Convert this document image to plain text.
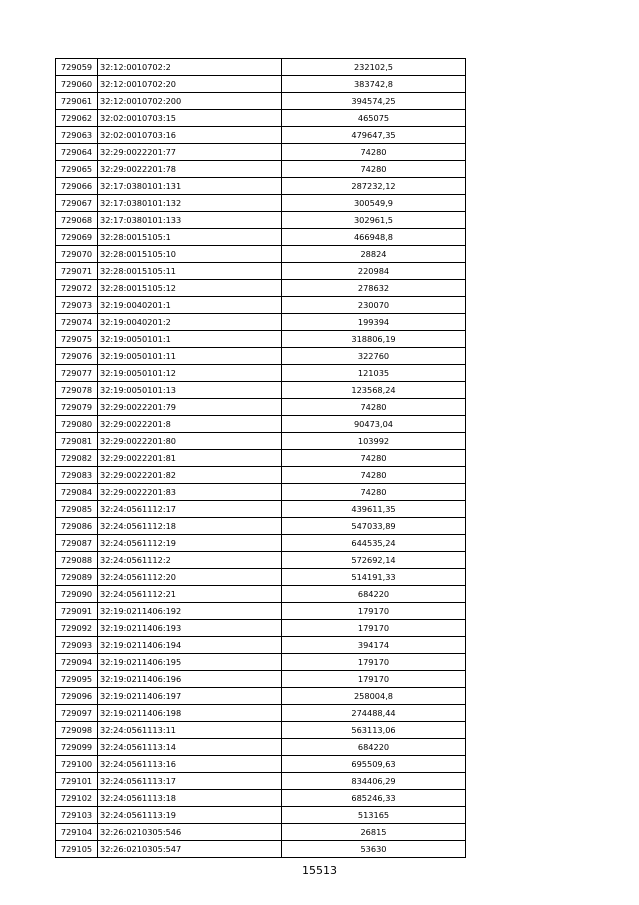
729059	32:12:0010702:2	232102,5
729060	32:12:0010702:20	383742,8
729061	32:12:0010702:200	394574,25
729062	32:02:0010703:15	465075
729063	32:02:0010703:16	479647,35
729064	32:29:0022201:77	74280
729065	32:29:0022201:78	74280
729066	32:17:0380101:131	287232,12
729067	32:17:0380101:132	300549,9
729068	32:17:0380101:133	302961,5
729069	32:28:0015105:1	466948,8
729070	32:28:0015105:10	28824
729071	32:28:0015105:11	220984
729072	32:28:0015105:12	278632
729073	32:19:0040201:1	230070
729074	32:19:0040201:2	199394
729075	32:19:0050101:1	318806,19
729076	32:19:0050101:11	322760
729077	32:19:0050101:12	121035
729078	32:19:0050101:13	123568,24
729079	32:29:0022201:79	74280
729080	32:29:0022201:8	90473,04
729081	32:29:0022201:80	103992
729082	32:29:0022201:81	74280
729083	32:29:0022201:82	74280
729084	32:29:0022201:83	74280
729085	32:24:0561112:17	439611,35
729086	32:24:0561112:18	547033,89
729087	32:24:0561112:19	644535,24
729088	32:24:0561112:2	572692,14
729089	32:24:0561112:20	514191,33
729090	32:24:0561112:21	684220
729091	32:19:0211406:192	179170
729092	32:19:0211406:193	179170
729093	32:19:0211406:194	394174
729094	32:19:0211406:195	179170
729095	32:19:0211406:196	179170
729096	32:19:0211406:197	258004,8
729097	32:19:0211406:198	274488,44
729098	32:24:0561113:11	563113,06
729099	32:24:0561113:14	684220
729100	32:24:0561113:16	695509,63
729101	32:24:0561113:17	834406,29
729102	32:24:0561113:18	685246,33
729103	32:24:0561113:19	513165
729104	32:26:0210305:546	26815
729105	32:26:0210305:547	53630
15513
